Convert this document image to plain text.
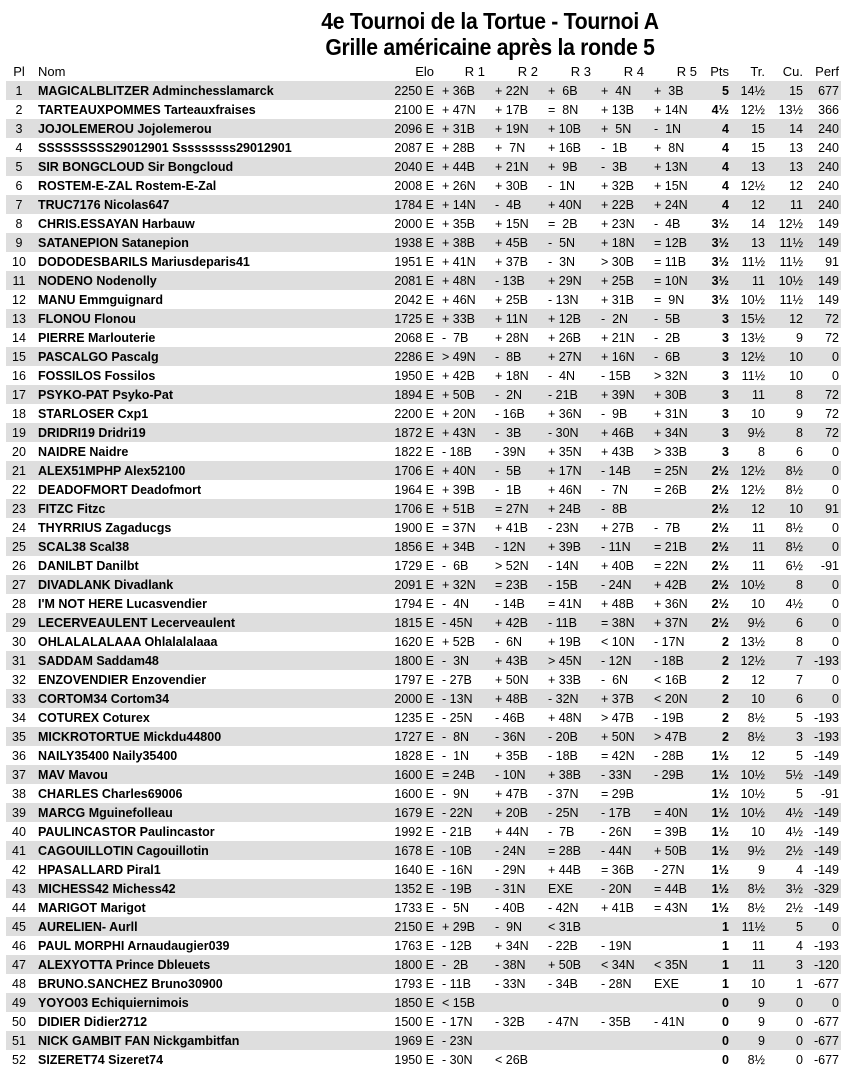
4e Tournoi de la Tortue - Tournoi A
Grille américaine après la ronde 5
Pl	Nom	Elo	R 1	R 2	R 3	R 4	R 5	Pts	Tr.	Cu.	Perf
1	MAGICALBLITZER Adminchesslamarck	2250 E	+ 36B	+ 22N	+  6B	+  4N	+  3B	5	14½	15	677
2	TARTEAUXPOMMES Tarteauxfraises	2100 E	+ 47N	+ 17B	=  8N	+ 13B	+ 14N	4½	12½	13½	366
3	JOJOLEMEROU Jojolemerou	2096 E	+ 31B	+ 19N	+ 10B	+  5N	-  1N	4	15	14	240
4	SSSSSSSSS29012901 Sssssssss29012901	2087 E	+ 28B	+  7N	+ 16B	-  1B	+  8N	4	15	13	240
5	SIR BONGCLOUD Sir Bongcloud	2040 E	+ 44B	+ 21N	+  9B	-  3B	+ 13N	4	13	13	240
6	ROSTEM-E-ZAL Rostem-E-Zal	2008 E	+ 26N	+ 30B	-  1N	+ 32B	+ 15N	4	12½	12	240
7	TRUC7176 Nicolas647	1784 E	+ 14N	-  4B	+ 40N	+ 22B	+ 24N	4	12	11	240
8	CHRIS.ESSAYAN Harbauw	2000 E	+ 35B	+ 15N	=  2B	+ 23N	-  4B	3½	14	12½	149
9	SATANEPION Satanepion	1938 E	+ 38B	+ 45B	-  5N	+ 18N	= 12B	3½	13	11½	149
10	DODODESBARILS Mariusdeparis41	1951 E	+ 41N	+ 37B	-  3N	> 30B	= 11B	3½	11½	11½	91
11	NODENO Nodenolly	2081 E	+ 48N	- 13B	+ 29N	+ 25B	= 10N	3½	11	10½	149
12	MANU Emmguignard	2042 E	+ 46N	+ 25B	- 13N	+ 31B	=  9N	3½	10½	11½	149
13	FLONOU Flonou	1725 E	+ 33B	+ 11N	+ 12B	-  2N	-  5B	3	15½	12	72
14	PIERRE Marlouterie	2068 E	-  7B	+ 28N	+ 26B	+ 21N	-  2B	3	13½	9	72
15	PASCALGO Pascalg	2286 E	> 49N	-  8B	+ 27N	+ 16N	-  6B	3	12½	10	0
16	FOSSILOS Fossilos	1950 E	+ 42B	+ 18N	-  4N	- 15B	> 32N	3	11½	10	0
17	PSYKO-PAT Psyko-Pat	1894 E	+ 50B	-  2N	- 21B	+ 39N	+ 30B	3	11	8	72
18	STARLOSER Cxp1	2200 E	+ 20N	- 16B	+ 36N	-  9B	+ 31N	3	10	9	72
19	DRIDRI19 Dridri19	1872 E	+ 43N	-  3B	- 30N	+ 46B	+ 34N	3	9½	8	72
20	NAIDRE Naidre	1822 E	- 18B	- 39N	+ 35N	+ 43B	> 33B	3	8	6	0
21	ALEX51MPHP Alex52100	1706 E	+ 40N	-  5B	+ 17N	- 14B	= 25N	2½	12½	8½	0
22	DEADOFMORT Deadofmort	1964 E	+ 39B	-  1B	+ 46N	-  7N	= 26B	2½	12½	8½	0
23	FITZC Fitzc	1706 E	+ 51B	= 27N	+ 24B	-  8B		2½	12	10	91
24	THYRRIUS Zagaducgs	1900 E	= 37N	+ 41B	- 23N	+ 27B	-  7B	2½	11	8½	0
25	SCAL38 Scal38	1856 E	+ 34B	- 12N	+ 39B	- 11N	= 21B	2½	11	8½	0
26	DANILBT Danilbt	1729 E	-  6B	> 52N	- 14N	+ 40B	= 22N	2½	11	6½	-91
27	DIVADLANK Divadlank	2091 E	+ 32N	= 23B	- 15B	- 24N	+ 42B	2½	10½	8	0
28	I'M NOT HERE Lucasvendier	1794 E	-  4N	- 14B	= 41N	+ 48B	+ 36N	2½	10	4½	0
29	LECERVEAULENT Lecerveaulent	1815 E	- 45N	+ 42B	- 11B	= 38N	+ 37N	2½	9½	6	0
30	OHLALALALAAA Ohlalalalaaa	1620 E	+ 52B	-  6N	+ 19B	< 10N	- 17N	2	13½	8	0
31	SADDAM Saddam48	1800 E	-  3N	+ 43B	> 45N	- 12N	- 18B	2	12½	7	-193
32	ENZOVENDIER Enzovendier	1797 E	- 27B	+ 50N	+ 33B	-  6N	< 16B	2	12	7	0
33	CORTOM34 Cortom34	2000 E	- 13N	+ 48B	- 32N	+ 37B	< 20N	2	10	6	0
34	COTUREX Coturex	1235 E	- 25N	- 46B	+ 48N	> 47B	- 19B	2	8½	5	-193
35	MICKROTORTUE Mickdu44800	1727 E	-  8N	- 36N	- 20B	+ 50N	> 47B	2	8½	3	-193
36	NAILY35400 Naily35400	1828 E	-  1N	+ 35B	- 18B	= 42N	- 28B	1½	12	5	-149
37	MAV Mavou	1600 E	= 24B	- 10N	+ 38B	- 33N	- 29B	1½	10½	5½	-149
38	CHARLES Charles69006	1600 E	-  9N	+ 47B	- 37N	= 29B		1½	10½	5	-91
39	MARCG Mguinefolleau	1679 E	- 22N	+ 20B	- 25N	- 17B	= 40N	1½	10½	4½	-149
40	PAULINCASTOR Paulincastor	1992 E	- 21B	+ 44N	-  7B	- 26N	= 39B	1½	10	4½	-149
41	CAGOUILLOTIN Cagouillotin	1678 E	- 10B	- 24N	= 28B	- 44N	+ 50B	1½	9½	2½	-149
42	HPASALLARD Piral1	1640 E	- 16N	- 29N	+ 44B	= 36B	- 27N	1½	9	4	-149
43	MICHESS42 Michess42	1352 E	- 19B	- 31N	EXE	- 20N	= 44B	1½	8½	3½	-329
44	MARIGOT Marigot	1733 E	-  5N	- 40B	- 42N	+ 41B	= 43N	1½	8½	2½	-149
45	AURELIEN- Aurll	2150 E	+ 29B	-  9N	< 31B			1	11½	5	0
46	PAUL MORPHI Arnaudaugier039	1763 E	- 12B	+ 34N	- 22B	- 19N		1	11	4	-193
47	ALEXYOTTA Prince Dbleuets	1800 E	-  2B	- 38N	+ 50B	< 34N	< 35N	1	11	3	-120
48	BRUNO.SANCHEZ Bruno30900	1793 E	- 11B	- 33N	- 34B	- 28N	EXE	1	10	1	-677
49	YOYO03 Echiquiernimois	1850 E	< 15B					0	9	0	0
50	DIDIER Didier2712	1500 E	- 17N	- 32B	- 47N	- 35B	- 41N	0	9	0	-677
51	NICK GAMBIT FAN Nickgambitfan	1969 E	- 23N					0	9	0	-677
52	SIZERET74 Sizeret74	1950 E	- 30N	< 26B				0	8½	0	-677
